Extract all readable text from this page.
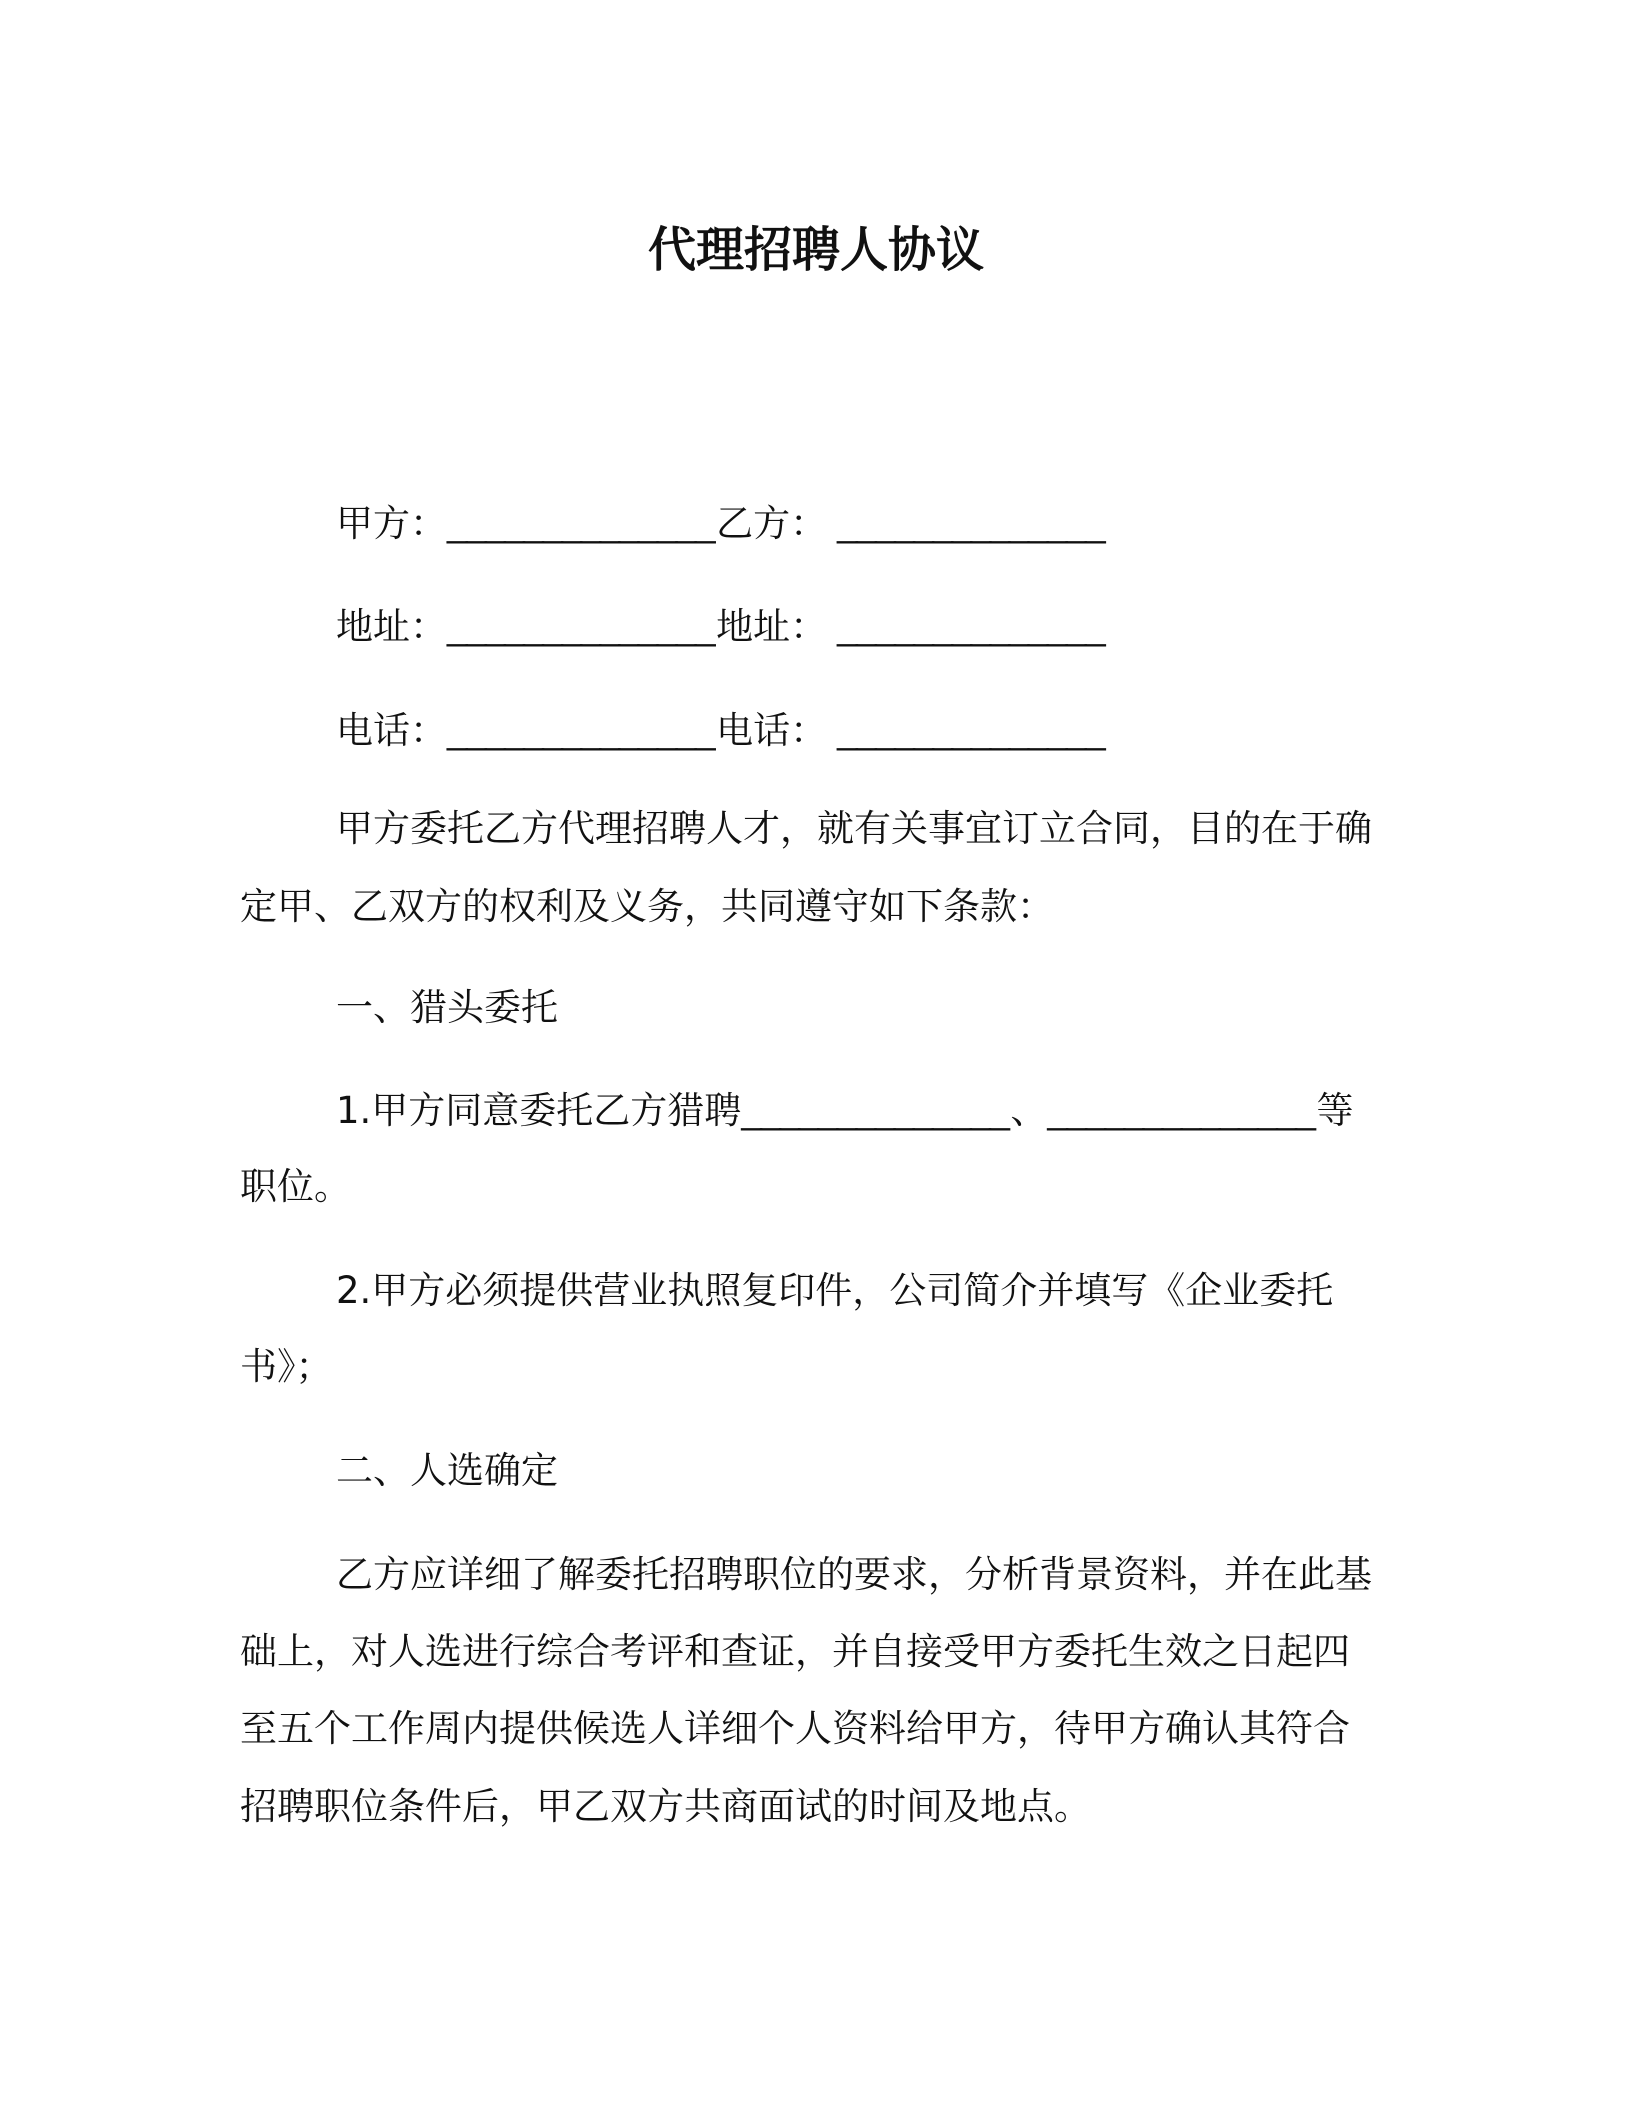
代理招聘人协议
甲方：______________乙方： ______________
地址：______________地址： ______________
电话：______________电话： ______________
甲方委托乙方代理招聘人才，就有关事宜订立合同，目的在于确
定甲、乙双方的权利及义务，共同遵守如下条款：
一、猎头委托
1.甲方同意委托乙方猎聘______________、______________等
职位。
2.甲方必须提供营业执照复印件，公司简介并填写《企业委托
书》；
二、人选确定
乙方应详细了解委托招聘职位的要求，分析背景资料，并在此基
础上，对人选进行综合考评和查证，并自接受甲方委托生效之日起四
至五个工作周内提供候选人详细个人资料给甲方，待甲方确认其符合
招聘职位条件后，甲乙双方共商面试的时间及地点。
